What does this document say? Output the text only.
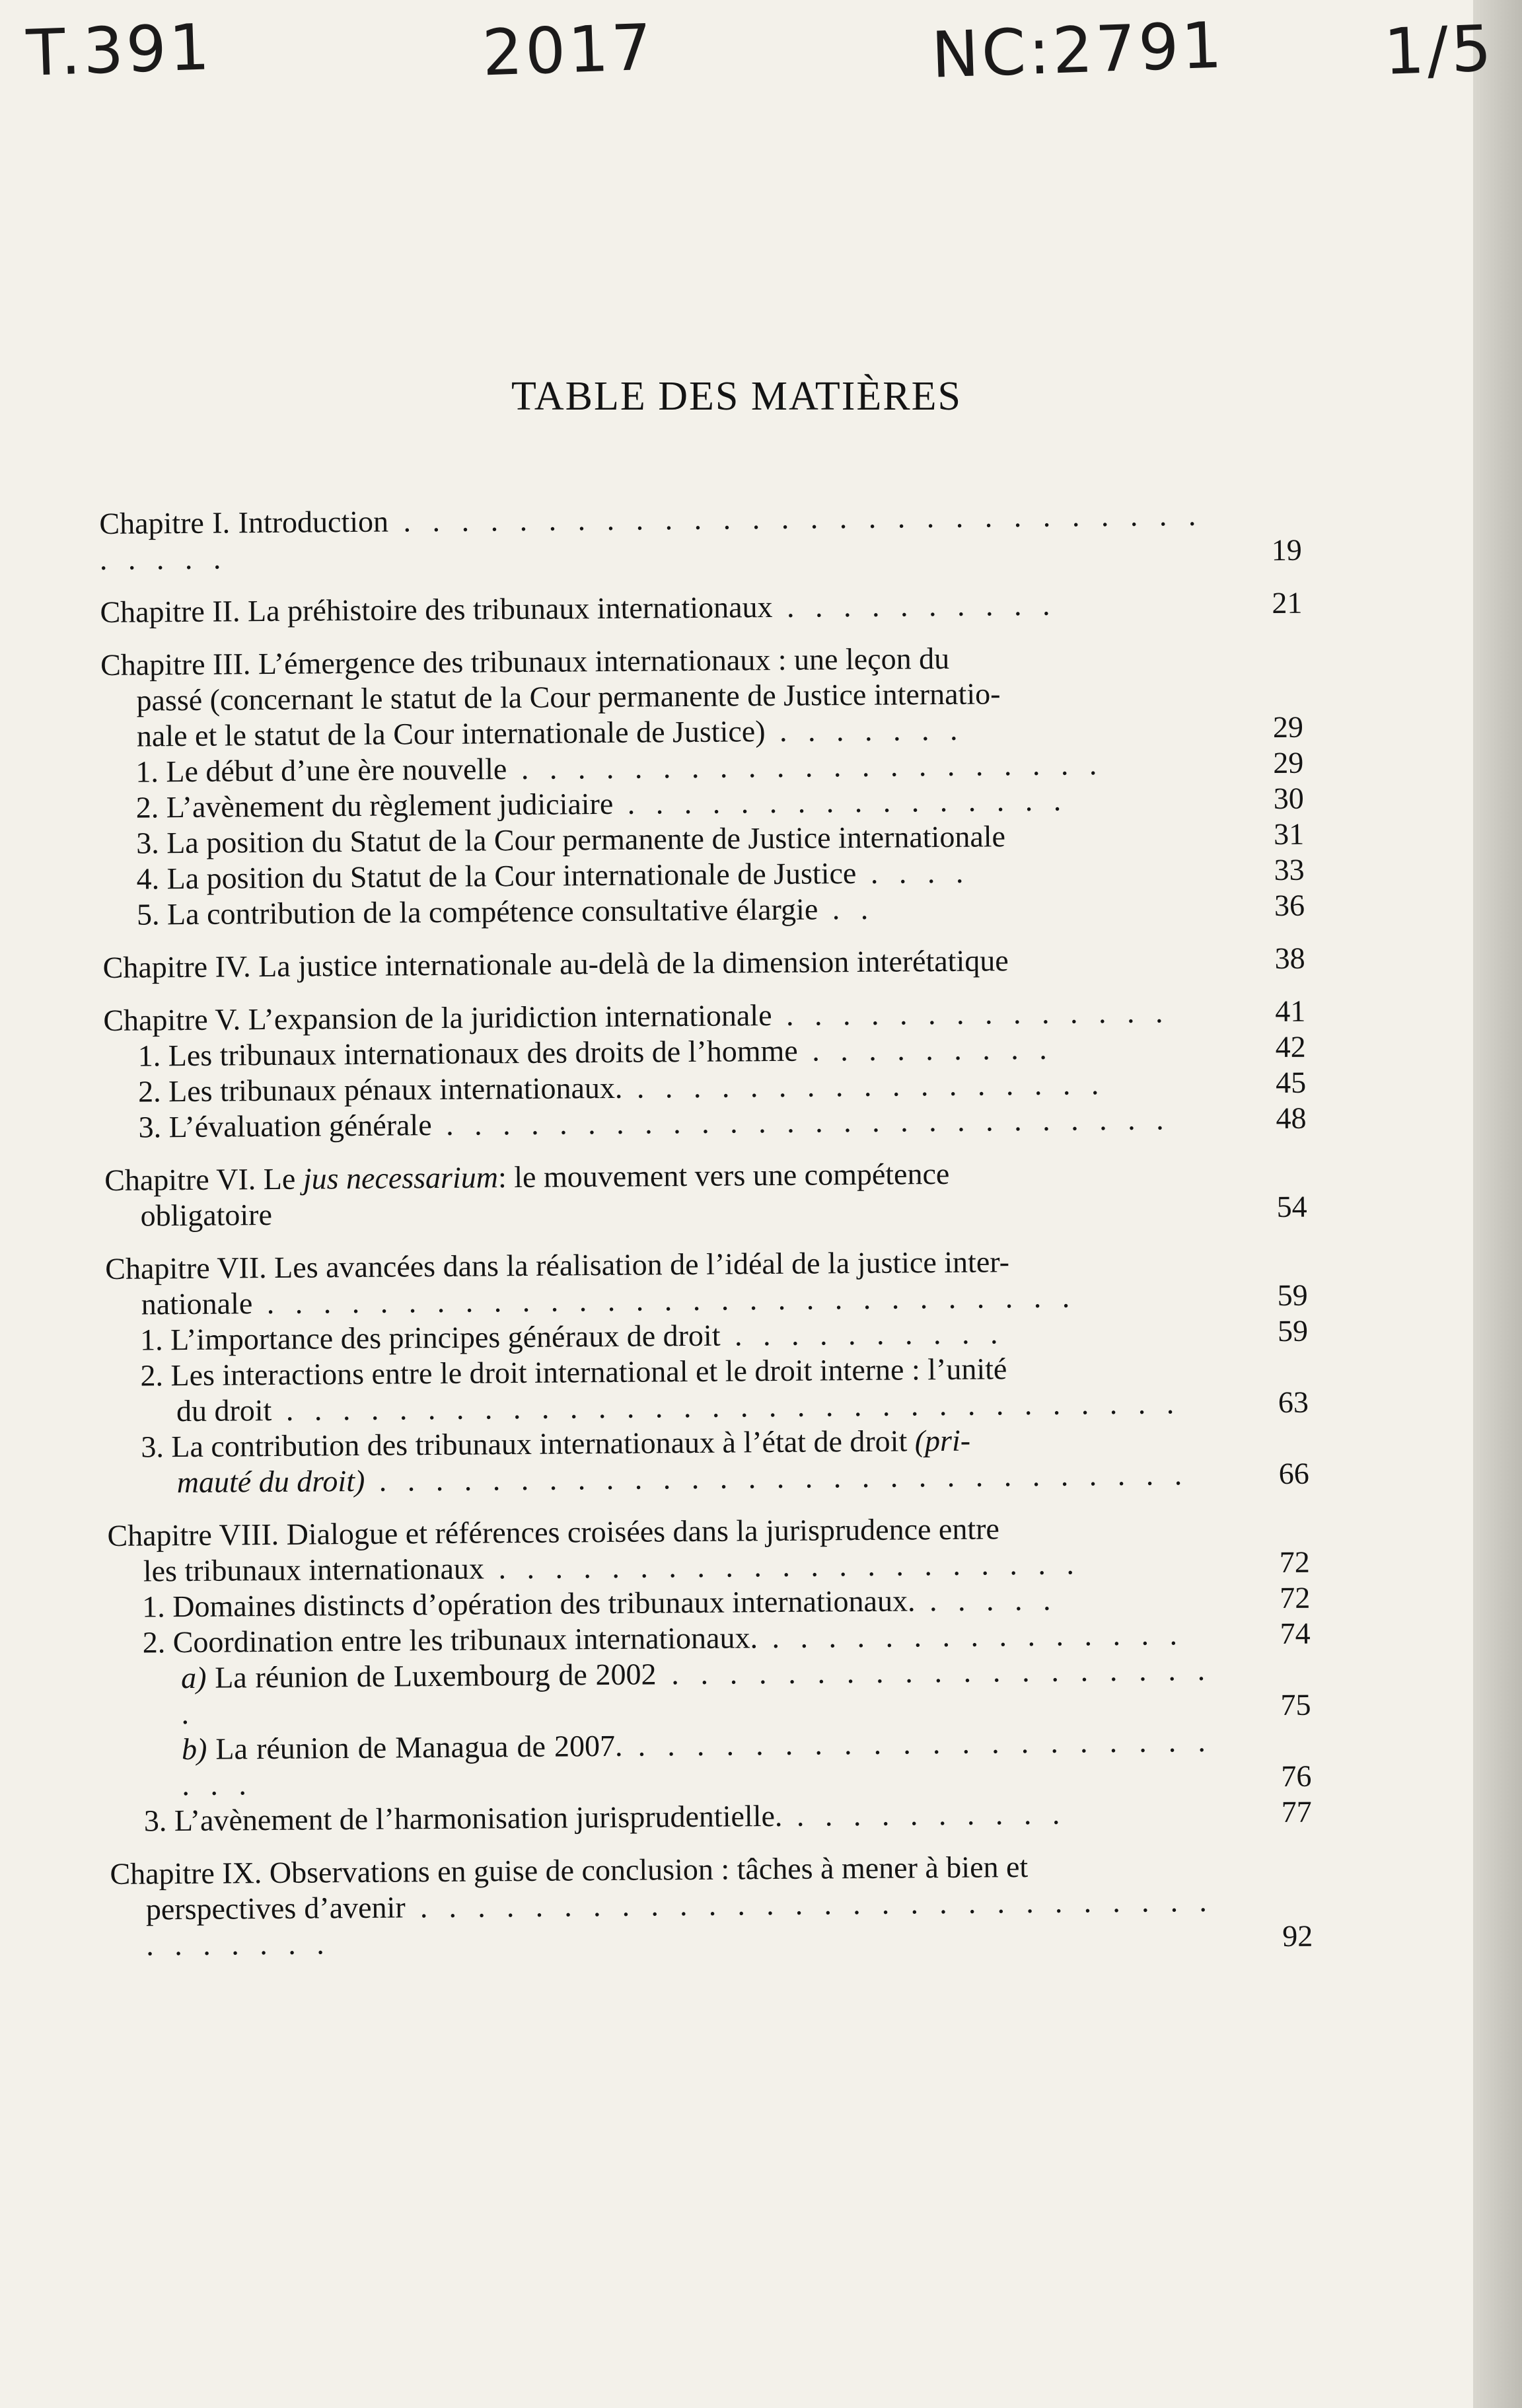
T.391	2017	NC:2791 1/5
TABLE DES MATIÈRES
Chapitre I. Introduction . . . . . . . . . . . . . . . . . . . . . . . . . . . . . . . . .	19
Chapitre II. La préhistoire des tribunaux internationaux . . . . . . . . . .	21
Chapitre III. L’émergence des tribunaux internationaux : une leçon du
passé (concernant le statut de la Cour permanente de Justice internatio-
nale et le statut de la Cour internationale de Justice) . . . . . . .	29
1. Le début d’une ère nouvelle . . . . . . . . . . . . . . . . . . . . .	29
2. L’avènement du règlement judiciaire . . . . . . . . . . . . . . . .	30
3. La position du Statut de la Cour permanente de Justice internationale	31
4. La position du Statut de la Cour internationale de Justice . . . .	33
5. La contribution de la compétence consultative élargie . .	36
Chapitre IV. La justice internationale au-delà de la dimension interétatique	38
Chapitre V. L’expansion de la juridiction internationale . . . . . . . . . . . . . .	41
1. Les tribunaux internationaux des droits de l’homme . . . . . . . . .	42
2. Les tribunaux pénaux internationaux. . . . . . . . . . . . . . . . . .	45
3. L’évaluation générale . . . . . . . . . . . . . . . . . . . . . . . . . .	48
Chapitre VI. Le jus necessarium: le mouvement vers une compétence
obligatoire	54
Chapitre VII. Les avancées dans la réalisation de l’idéal de la justice inter-
nationale . . . . . . . . . . . . . . . . . . . . . . . . . . . . .	59
1. L’importance des principes généraux de droit . . . . . . . . . .	59
2. Les interactions entre le droit international et le droit interne : l’unité
du droit . . . . . . . . . . . . . . . . . . . . . . . . . . . . . . . .	63
3. La contribution des tribunaux internationaux à l’état de droit (pri-
mauté du droit) . . . . . . . . . . . . . . . . . . . . . . . . . . . . .	66
Chapitre VIII. Dialogue et références croisées dans la jurisprudence entre
les tribunaux internationaux . . . . . . . . . . . . . . . . . . . . .	72
1. Domaines distincts d’opération des tribunaux internationaux. . . . . .	72
2. Coordination entre les tribunaux internationaux. . . . . . . . . . . . . . . .	74
a) La réunion de Luxembourg de 2002 . . . . . . . . . . . . . . . . . . . .	75
b) La réunion de Managua de 2007. . . . . . . . . . . . . . . . . . . . . . . .	76
3. L’avènement de l’harmonisation jurisprudentielle. . . . . . . . . . .	77
Chapitre IX. Observations en guise de conclusion : tâches à mener à bien et
perspectives d’avenir . . . . . . . . . . . . . . . . . . . . . . . . . . . . . . . . . . .	92
